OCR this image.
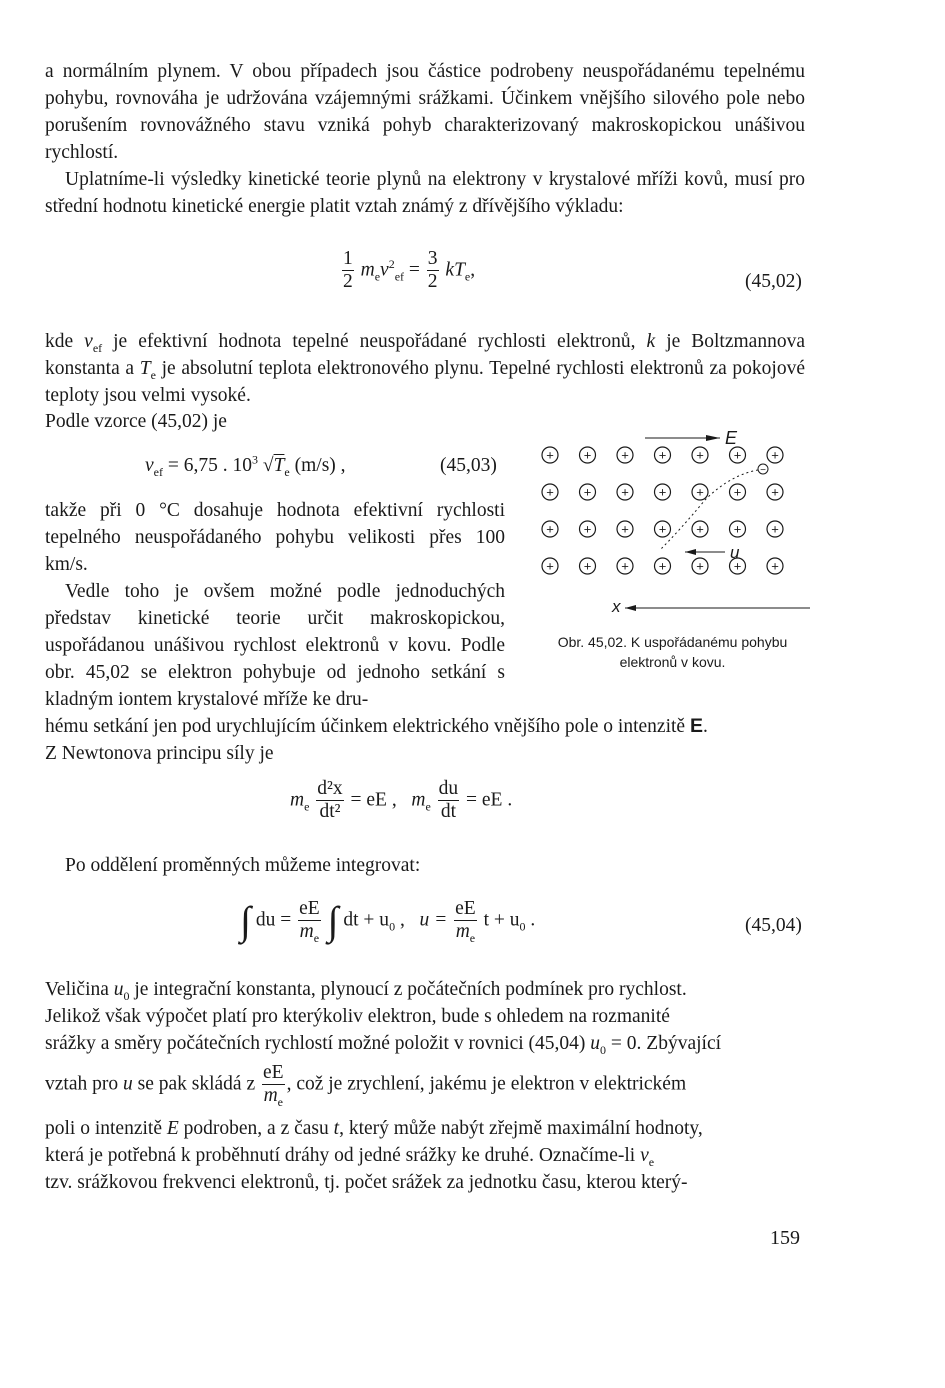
a normálním plynem. V obou případech jsou částice podrobeny neuspořádanému tepelnému pohybu, rovnováha je udržována vzájemnými srážkami. Účinkem vnějšího silového pole nebo porušením rovnovážného stavu vzniká pohyb charakterizovaný makroskopickou unášivou rychlostí.

Uplatníme-li výsledky kinetické teorie plynů na elektrony v krystalové mříži kovů, musí pro střední hodnotu kinetické energie platit vztah známý z dřívějšího výkladu:

$\frac{1}{2} m_ev^2_{ef} = \frac{3}{2} kT_e$,
(45,02)

kde $v_{ef}$ je efektivní hodnota tepelné neuspořádané rychlosti elektronů, k je Boltzmannova konstanta a $T_e$ je absolutní teplota elektronového plynu. Tepelné rychlosti elektronů za pokojové teploty jsou velmi vysoké.

Podle vzorce (45,02) je

$v_{ef} = 6,75$ . $10^3$ $√T_e$ (m/s) ,	(45,03)

takže při 0 °C dosahuje hodnota efektivní rychlosti tepelného neuspořádaného pohybu velikosti přes 100 km/s.

Vedle toho je ovšem možné podle jednoduchých představ kinetické teorie určit makroskopickou, uspořádanou unášivou rychlost elektronů v kovu. Podle obr. 45,02 se elektron pohybuje od jednoho setkání s kladným iontem krystalové mříže ke dru-

hému setkání jen pod urychlujícím účinkem elektrického vnějšího pole o intenzitě E.

Z Newtonova principu síly je

$m_e \frac{\text{d²x}}{\text{dt²}}$ = eE , $m_e \frac{du}{dt}$ = eE .

Po oddělení proměnných můžeme integrovat:

∫ du = $\frac{eE}{m_e}$ ∫ dt + $u_0$ , $u = \frac{eE}{m_e}$ $t + u_0$ .	(45,04)

Veličina $u_0$ je integrační konstanta, plynoucí z počátečních podmínek pro rychlost.

Jelikož však výpočet platí pro kterýkoliv elektron, bude s ohledem na rozmanité

srážky a směry počátečních rychlostí možné položit v rovnici (45,04) $u_0 = 0$. Zbývající

vztah pro u se pak skládá z $\frac{eE}{m_e}$ , což je zrychlení, jakému je elektron v elektrickém

poli o intenzitě E podroben, a z času t, který může nabýt zřejmě maximální hodnoty,

která je potřebná k proběhnutí dráhy od jedné srážky ke druhé. Označíme-li $v_e$

tzv. srážkovou frekvenci elektronů, tj. počet srážek za jednotku času, kterou který-

E
+ + + + + + +
+ + + + + + +
+ + + + + + +
+ + + + + + +
−
u
x
Obr. 45,02. K uspořádanému pohybu elektronů v kovu.
159
